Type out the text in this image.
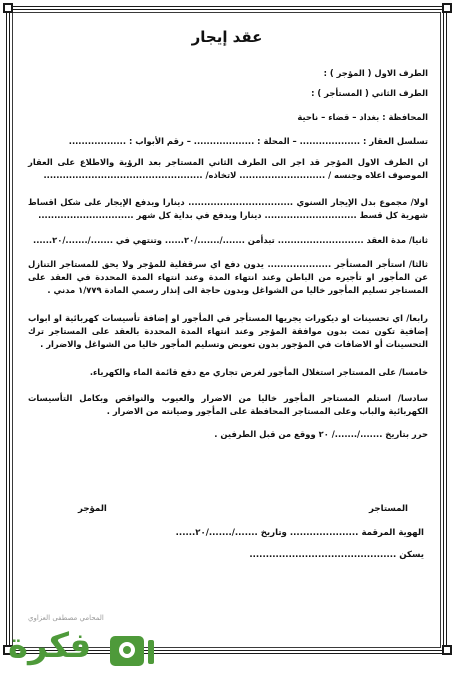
عقد إيجار
الطرف الاول ( المؤجر ) :
الطرف الثاني ( المستأجر ) :
المحافظة : بغداد – قضاء – ناحية
تسلسل العقار : ................... – المحلة : ................... – رقم الأبواب : ..................
ان الطرف الاول المؤجر قد اجر الى الطرف الثاني المستاجر بعد الرؤية والاطلاع على العقار الموصوف اعلاه وجنسه / ........................... لاتخاذه/ ..................................................
اولا/ مجموع بدل الإيجار السنوي ................................. دينارا ويدفع الإيجار على شكل اقساط شهرية كل قسط ............................. دينارا ويدفع في بداية كل شهر ..............................
ثانيا/ مدة العقد ........................... تبدأمن ......./......./٢٠...... وتنتهي في ......./......./٢٠......
ثالثا/ استأجر المستأجر .................... يدون دفع اي سرقفلية للمؤجر ولا يحق للمستاجر التنازل عن المأجور او تأجيره من الباطن وعند انتهاء المدة وعند انتهاء المدة المحددة في العقد على المستاجر تسليم المأجور خاليا من الشواغل وبدون حاجة الى إنذار رسمي المادة ١/٧٧٩ مدني .
رابعا/ اي تحسينات او ديكورات يجريها المستأجر في المأجور او إضافة تأسيسات كهربائية او ابواب إضافية تكون تمت بدون موافقة المؤجر وعند انتهاء المدة المحددة بالعقد على المستاجر ترك التحسينات أو الاضافات في المؤجور بدون تعويض وتسليم المأجور خاليا من الشواغل والاضرار .
خامسا/ على المستاجر استغلال المأجور لغرض تجاري مع دفع قائمة الماء والكهرباء.
سادسا/ استلم المستاجر المأجور خاليا من الاضرار والعيوب والنواقص وبكامل التأسيسات الكهربائية والباب وعلى المستاجر المحافظة على المأجور وصيانته من الاضرار .
حرر بتاريخ ......./......./ ٢٠ ووقع من قبل الطرفين .
المستاجر
المؤجر
الهوية المرقمة ..................... وتاريخ ......./......./٢٠......
يسكن .............................................
المحامي مصطفى العزاوي
فكرة
